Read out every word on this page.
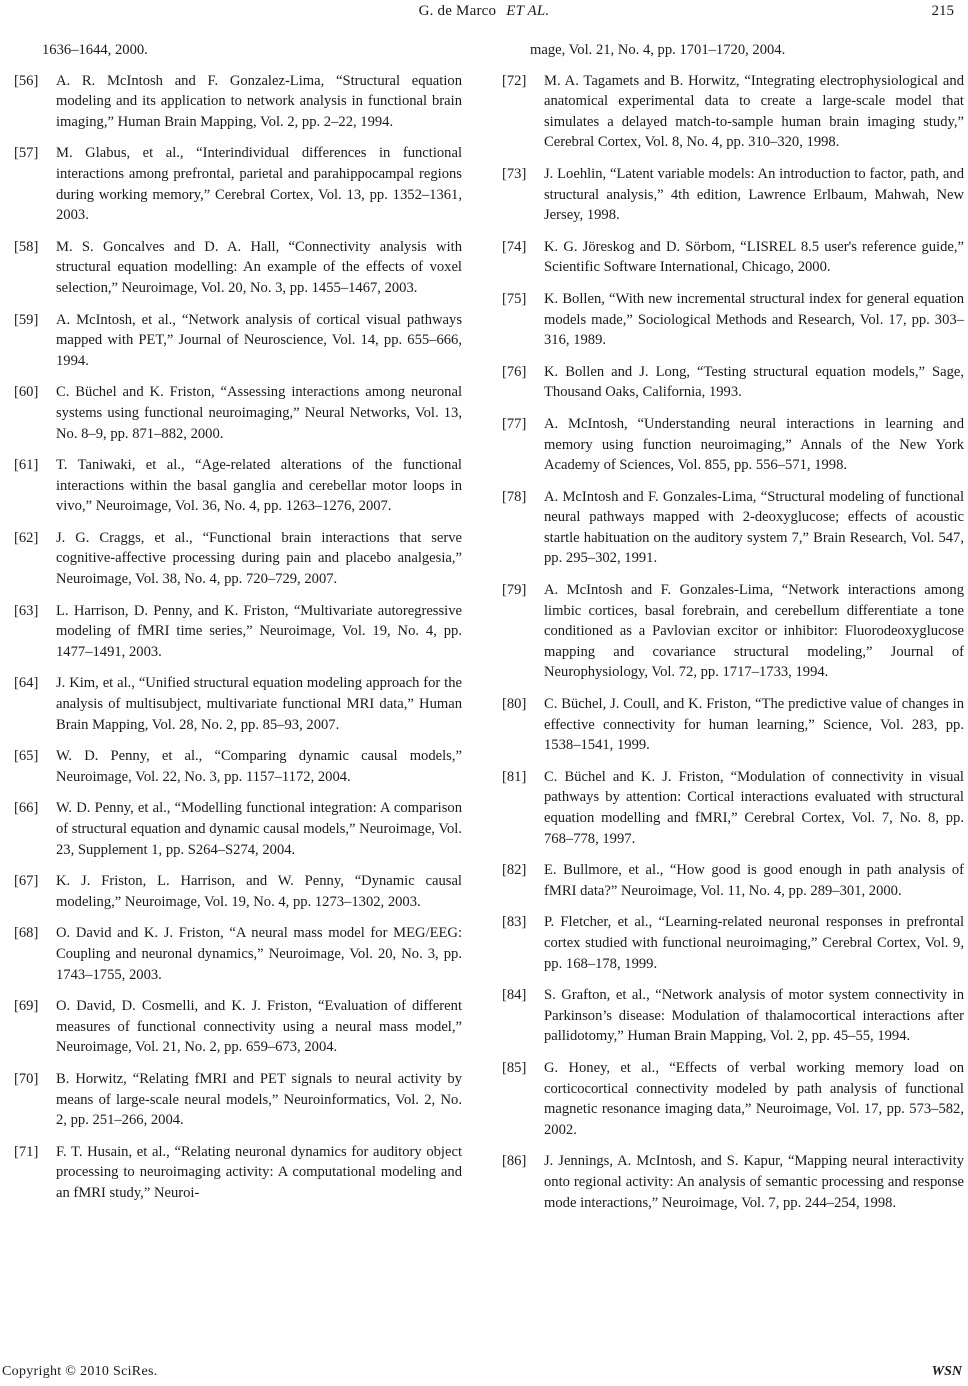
G. de Marco ET AL.	215
1636–1644, 2000.
[56]	A. R. McIntosh and F. Gonzalez-Lima, “Structural equation modeling and its application to network analysis in functional brain imaging,” Human Brain Mapping, Vol. 2, pp. 2–22, 1994.
[57]	M. Glabus, et al., “Interindividual differences in functional interactions among prefrontal, parietal and parahippocampal regions during working memory,” Cerebral Cortex, Vol. 13, pp. 1352–1361, 2003.
[58]	M. S. Goncalves and D. A. Hall, “Connectivity analysis with structural equation modelling: An example of the effects of voxel selection,” Neuroimage, Vol. 20, No. 3, pp. 1455–1467, 2003.
[59]	A. McIntosh, et al., “Network analysis of cortical visual pathways mapped with PET,” Journal of Neuroscience, Vol. 14, pp. 655–666, 1994.
[60]	C. Büchel and K. Friston, “Assessing interactions among neuronal systems using functional neuroimaging,” Neural Networks, Vol. 13, No. 8–9, pp. 871–882, 2000.
[61]	T. Taniwaki, et al., “Age-related alterations of the functional interactions within the basal ganglia and cerebellar motor loops in vivo,” Neuroimage, Vol. 36, No. 4, pp. 1263–1276, 2007.
[62]	J. G. Craggs, et al., “Functional brain interactions that serve cognitive-affective processing during pain and placebo analgesia,” Neuroimage, Vol. 38, No. 4, pp. 720–729, 2007.
[63]	L. Harrison, D. Penny, and K. Friston, “Multivariate autoregressive modeling of fMRI time series,” Neuroimage, Vol. 19, No. 4, pp. 1477–1491, 2003.
[64]	J. Kim, et al., “Unified structural equation modeling approach for the analysis of multisubject, multivariate functional MRI data,” Human Brain Mapping, Vol. 28, No. 2, pp. 85–93, 2007.
[65]	W. D. Penny, et al., “Comparing dynamic causal models,” Neuroimage, Vol. 22, No. 3, pp. 1157–1172, 2004.
[66]	W. D. Penny, et al., “Modelling functional integration: A comparison of structural equation and dynamic causal models,” Neuroimage, Vol. 23, Supplement 1, pp. S264–S274, 2004.
[67]	K. J. Friston, L. Harrison, and W. Penny, “Dynamic causal modeling,” Neuroimage, Vol. 19, No. 4, pp. 1273–1302, 2003.
[68]	O. David and K. J. Friston, “A neural mass model for MEG/EEG: Coupling and neuronal dynamics,” Neuroimage, Vol. 20, No. 3, pp. 1743–1755, 2003.
[69]	O. David, D. Cosmelli, and K. J. Friston, “Evaluation of different measures of functional connectivity using a neural mass model,” Neuroimage, Vol. 21, No. 2, pp. 659–673, 2004.
[70]	B. Horwitz, “Relating fMRI and PET signals to neural activity by means of large-scale neural models,” Neuroinformatics, Vol. 2, No. 2, pp. 251–266, 2004.
[71]	F. T. Husain, et al., “Relating neuronal dynamics for auditory object processing to neuroimaging activity: A computational modeling and an fMRI study,” Neuroi-
mage, Vol. 21, No. 4, pp. 1701–1720, 2004.
[72]	M. A. Tagamets and B. Horwitz, “Integrating electrophysiological and anatomical experimental data to create a large-scale model that simulates a delayed match-to-sample human brain imaging study,” Cerebral Cortex, Vol. 8, No. 4, pp. 310–320, 1998.
[73]	J. Loehlin, “Latent variable models: An introduction to factor, path, and structural analysis,” 4th edition, Lawrence Erlbaum, Mahwah, New Jersey, 1998.
[74]	K. G. Jöreskog and D. Sörbom, “LISREL 8.5 user's reference guide,” Scientific Software International, Chicago, 2000.
[75]	K. Bollen, “With new incremental structural index for general equation models made,” Sociological Methods and Research, Vol. 17, pp. 303–316, 1989.
[76]	K. Bollen and J. Long, “Testing structural equation models,” Sage, Thousand Oaks, California, 1993.
[77]	A. McIntosh, “Understanding neural interactions in learning and memory using function neuroimaging,” Annals of the New York Academy of Sciences, Vol. 855, pp. 556–571, 1998.
[78]	A. McIntosh and F. Gonzales-Lima, “Structural modeling of functional neural pathways mapped with 2-deoxyglucose; effects of acoustic startle habituation on the auditory system 7,” Brain Research, Vol. 547, pp. 295–302, 1991.
[79]	A. McIntosh and F. Gonzales-Lima, “Network interactions among limbic cortices, basal forebrain, and cerebellum differentiate a tone conditioned as a Pavlovian excitor or inhibitor: Fluorodeoxyglucose mapping and covariance structural modeling,” Journal of Neurophysiology, Vol. 72, pp. 1717–1733, 1994.
[80]	C. Büchel, J. Coull, and K. Friston, “The predictive value of changes in effective connectivity for human learning,” Science, Vol. 283, pp. 1538–1541, 1999.
[81]	C. Büchel and K. J. Friston, “Modulation of connectivity in visual pathways by attention: Cortical interactions evaluated with structural equation modelling and fMRI,” Cerebral Cortex, Vol. 7, No. 8, pp. 768–778, 1997.
[82]	E. Bullmore, et al., “How good is good enough in path analysis of fMRI data?” Neuroimage, Vol. 11, No. 4, pp. 289–301, 2000.
[83]	P. Fletcher, et al., “Learning-related neuronal responses in prefrontal cortex studied with functional neuroimaging,” Cerebral Cortex, Vol. 9, pp. 168–178, 1999.
[84]	S. Grafton, et al., “Network analysis of motor system connectivity in Parkinson’s disease: Modulation of thalamocortical interactions after pallidotomy,” Human Brain Mapping, Vol. 2, pp. 45–55, 1994.
[85]	G. Honey, et al., “Effects of verbal working memory load on corticocortical connectivity modeled by path analysis of functional magnetic resonance imaging data,” Neuroimage, Vol. 17, pp. 573–582, 2002.
[86]	J. Jennings, A. McIntosh, and S. Kapur, “Mapping neural interactivity onto regional activity: An analysis of semantic processing and response mode interactions,” Neuroimage, Vol. 7, pp. 244–254, 1998.
Copyright © 2010 SciRes.	WSN
